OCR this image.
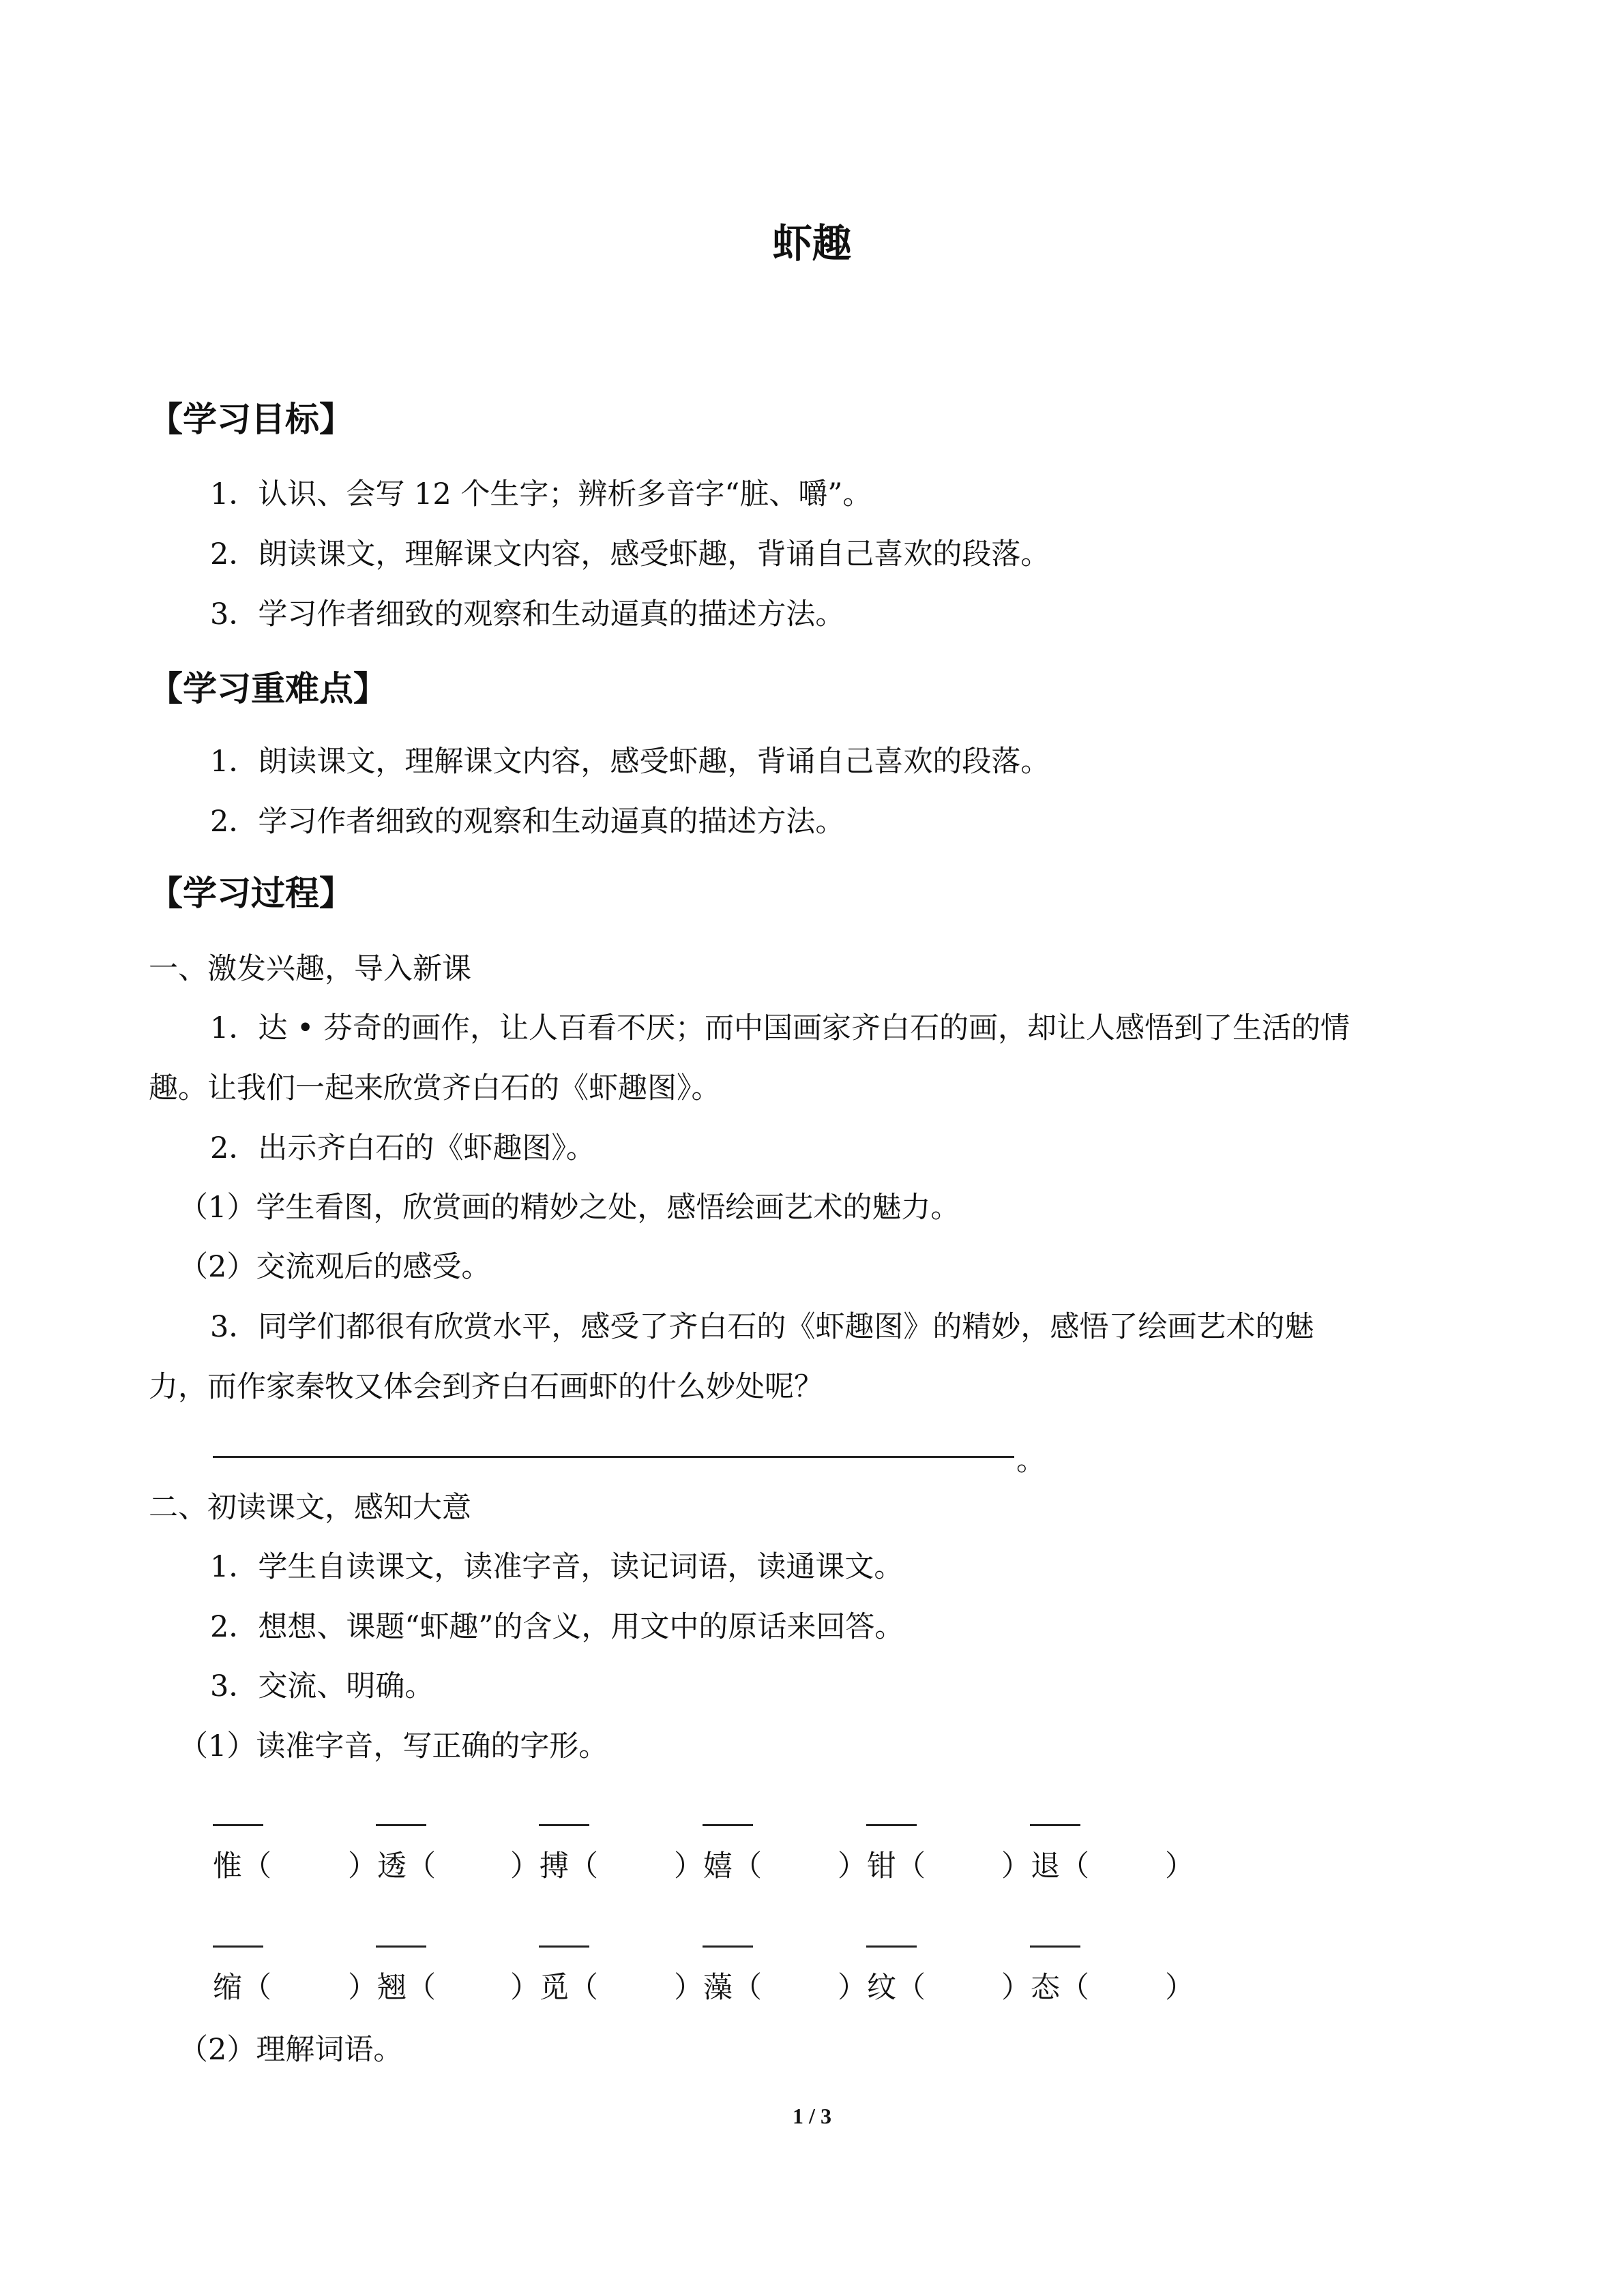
虾趣
【学习目标】
1．认识、会写 12 个生字；辨析多音字“脏、嚼”。
2．朗读课文，理解课文内容，感受虾趣，背诵自己喜欢的段落。
3．学习作者细致的观察和生动逼真的描述方法。
【学习重难点】
1．朗读课文，理解课文内容，感受虾趣，背诵自己喜欢的段落。
2．学习作者细致的观察和生动逼真的描述方法。
【学习过程】
一、激发兴趣，导入新课
1．达 • 芬奇的画作，让人百看不厌；而中国画家齐白石的画，却让人感悟到了生活的情
趣。让我们一起来欣赏齐白石的《虾趣图》。
2．出示齐白石的《虾趣图》。
（1）学生看图，欣赏画的精妙之处，感悟绘画艺术的魅力。
（2）交流观后的感受。
3．同学们都很有欣赏水平，感受了齐白石的《虾趣图》的精妙，感悟了绘画艺术的魅
力，而作家秦牧又体会到齐白石画虾的什么妙处呢？
。
二、初读课文，感知大意
1．学生自读课文，读准字音，读记词语，读通课文。
2．想想、课题“虾趣”的含义，用文中的原话来回答。
3．交流、明确。
（1）读准字音，写正确的字形。
惟（	）透（	）搏（	）嬉（	）钳（	）退（	）
缩（	）翘（	）觅（	）藻（	）纹（	）态（	）
（2）理解词语。
1 / 3
